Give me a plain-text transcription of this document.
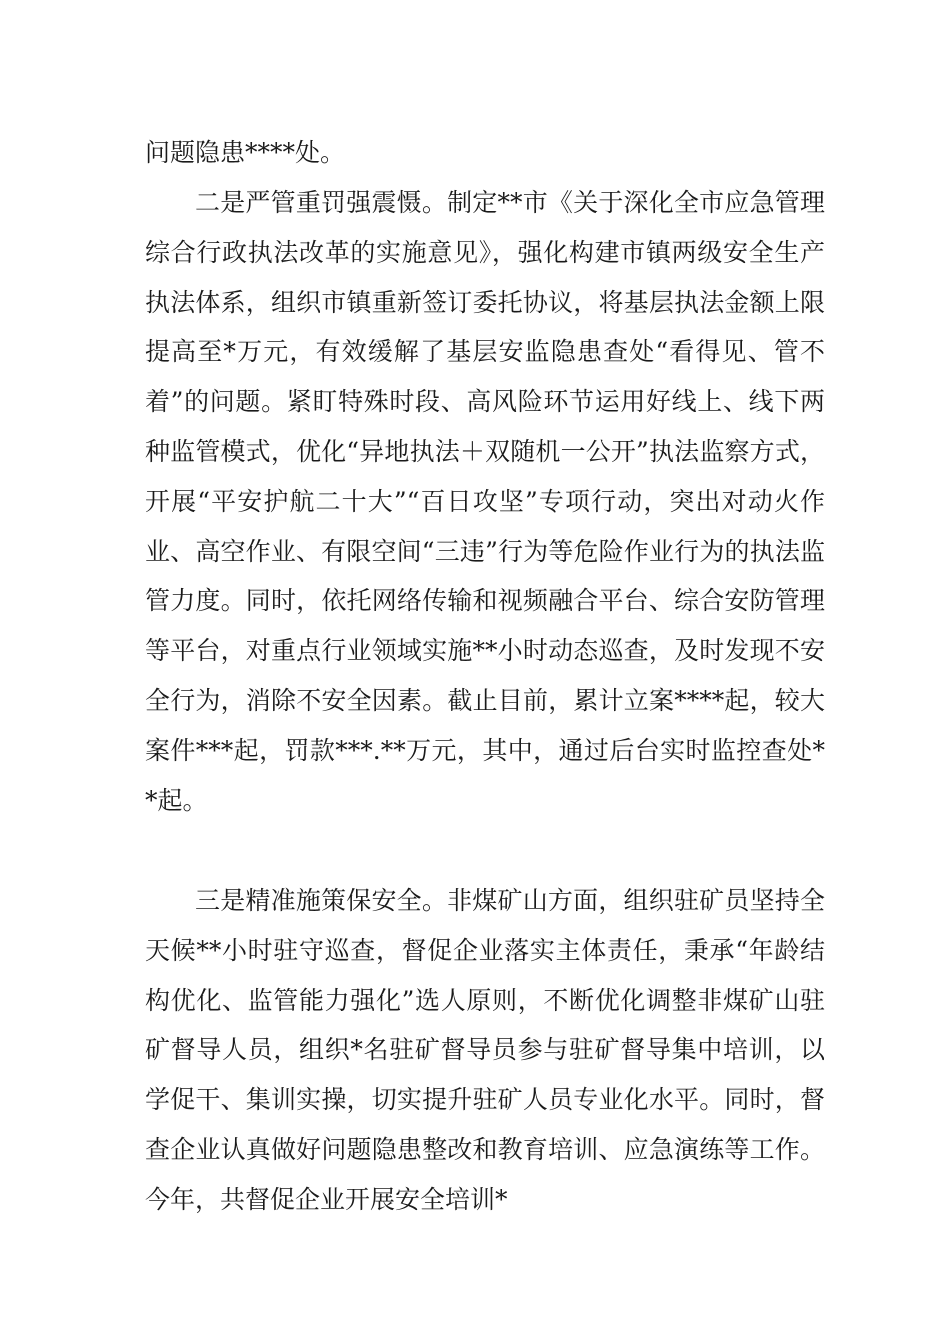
问题隐患****处。

二是严管重罚强震慑。制定**市《关于深化全市应急管理综合行政执法改革的实施意见》，强化构建市镇两级安全生产执法体系，组织市镇重新签订委托协议，将基层执法金额上限提高至*万元，有效缓解了基层安监隐患查处“看得见、管不着”的问题。紧盯特殊时段、高风险环节运用好线上、线下两种监管模式，优化“异地执法＋双随机一公开”执法监察方式，开展“平安护航二十大”“百日攻坚”专项行动，突出对动火作业、高空作业、有限空间“三违”行为等危险作业行为的执法监管力度。同时，依托网络传输和视频融合平台、综合安防管理等平台，对重点行业领域实施**小时动态巡查，及时发现不安全行为，消除不安全因素。截止目前，累计立案****起，较大案件***起，罚款***.**万元，其中，通过后台实时监控查处**起。

三是精准施策保安全。非煤矿山方面，组织驻矿员坚持全天候**小时驻守巡查，督促企业落实主体责任，秉承“年龄结构优化、监管能力强化”选人原则，不断优化调整非煤矿山驻矿督导人员，组织*名驻矿督导员参与驻矿督导集中培训，以学促干、集训实操，切实提升驻矿人员专业化水平。同时，督查企业认真做好问题隐患整改和教育培训、应急演练等工作。今年，共督促企业开展安全培训*
